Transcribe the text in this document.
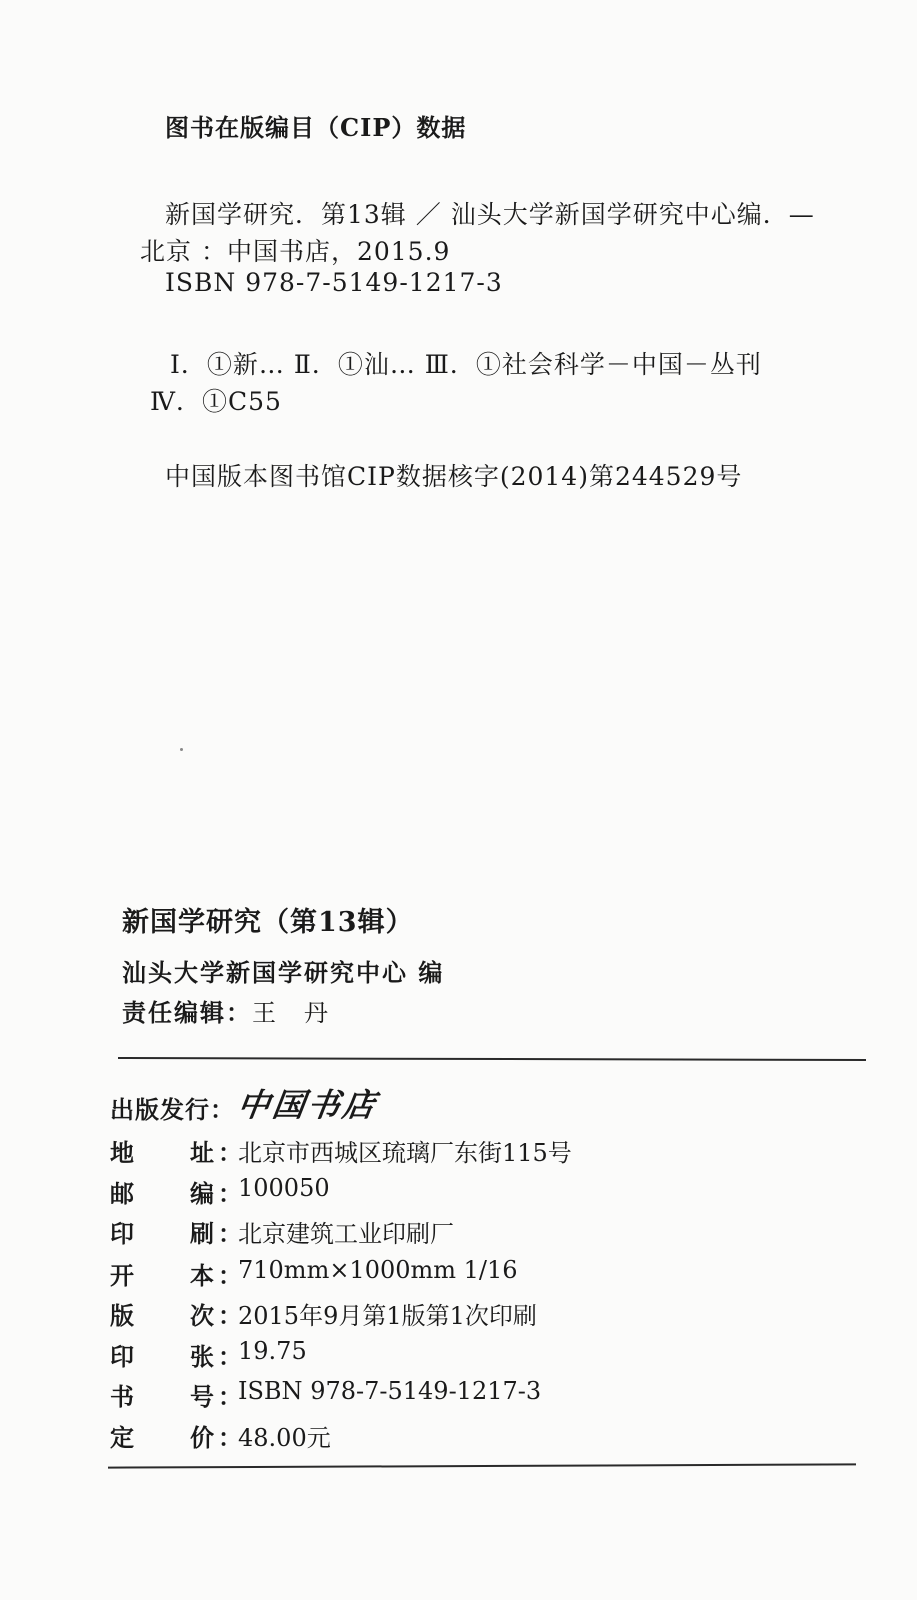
图书在版编目（CIP）数据
新国学研究．第13辑 ／ 汕头大学新国学研究中心编．—
北京 ：中国书店，2015.9
ISBN 978-7-5149-1217-3
Ⅰ．①新… Ⅱ．①汕… Ⅲ．①社会科学－中国－丛刊
Ⅳ．①C55
中国版本图书馆CIP数据核字(2014)第244529号
新国学研究（第13辑）
汕头大学新国学研究中心 编
责任编辑：王　丹
出版发行： 中国书店
地 址 ：
北京市西城区琉璃厂东街115号
邮 编 ：
100050
印 刷 ：
北京建筑工业印刷厂
开 本 ：
710mm×1000mm 1/16
版 次 ：
2015年9月第1版第1次印刷
印 张 ：
19.75
书 号 ：
ISBN 978-7-5149-1217-3
定 价 ：
48.00元
